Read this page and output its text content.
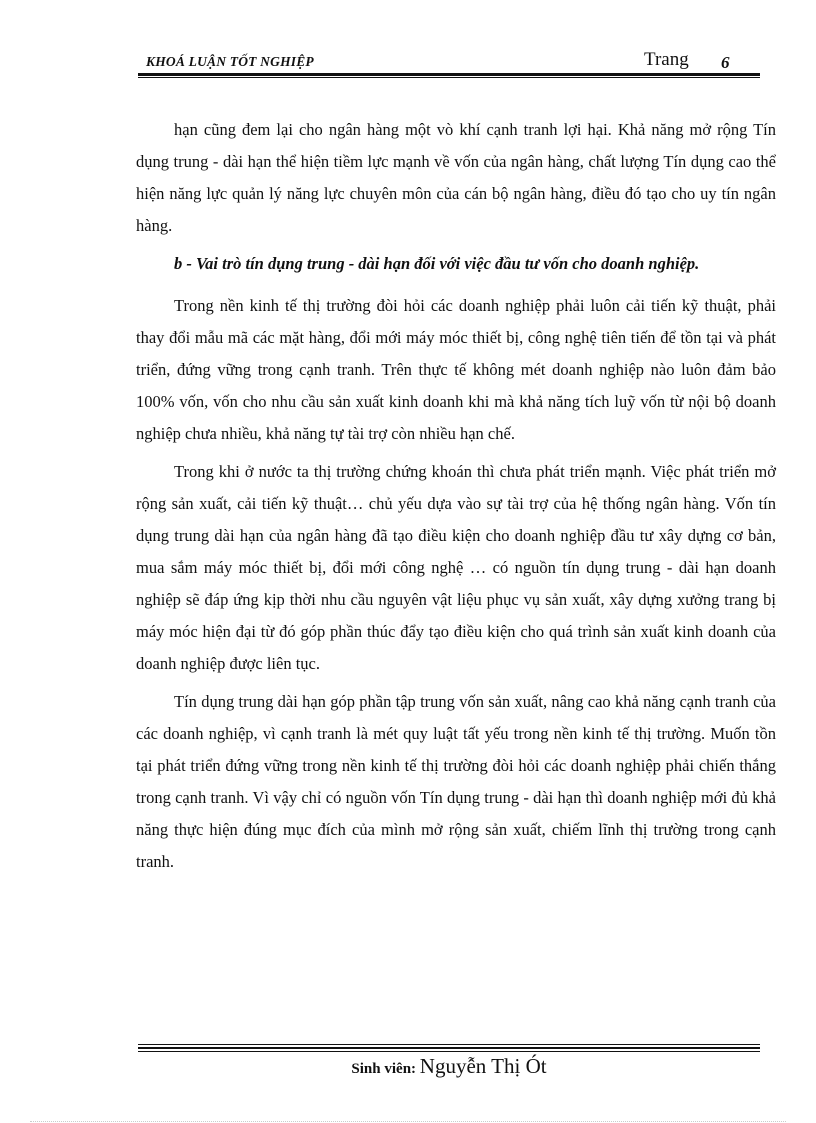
KHOÁ LUẬN TỐT NGHIỆP	Trang 6

hạn cũng đem lại cho ngân hàng một vò khí cạnh tranh lợi hại. Khả năng mở rộng Tín dụng trung - dài hạn thể hiện tiềm lực mạnh về vốn của ngân hàng, chất lượng Tín dụng cao thể hiện năng lực quản lý năng lực chuyên môn của cán bộ ngân hàng, điều đó tạo cho uy tín ngân hàng.

b - Vai trò tín dụng trung - dài hạn đối với việc đầu tư vốn cho doanh nghiệp.

Trong nền kinh tế thị trường đòi hỏi các doanh nghiệp phải luôn cải tiến kỹ thuật, phải thay đổi mẫu mã các mặt hàng, đổi mới máy móc thiết bị, công nghệ tiên tiến để tồn tại và phát triển, đứng vững trong cạnh tranh. Trên thực tế không mét doanh nghiệp nào luôn đảm bảo 100% vốn, vốn cho nhu cầu sản xuất kinh doanh khi mà khả năng tích luỹ vốn từ nội bộ doanh nghiệp chưa nhiều, khả năng tự tài trợ còn nhiều hạn chế.

Trong khi ở nước ta thị trường chứng khoán thì chưa phát triển mạnh. Việc phát triển mở rộng sản xuất, cải tiến kỹ thuật… chủ yếu dựa vào sự tài trợ của hệ thống ngân hàng. Vốn tín dụng trung dài hạn của ngân hàng đã tạo điều kiện cho doanh nghiệp đầu tư xây dựng cơ bản, mua sắm máy móc thiết bị, đổi mới công nghệ … có nguồn tín dụng trung - dài hạn doanh nghiệp sẽ đáp ứng kịp thời nhu cầu nguyên vật liệu phục vụ sản xuất, xây dựng xưởng trang bị máy móc hiện đại từ đó góp phần thúc đẩy tạo điều kiện cho quá trình sản xuất kinh doanh của doanh nghiệp được liên tục.

Tín dụng trung dài hạn góp phần tập trung vốn sản xuất, nâng cao khả năng cạnh tranh của các doanh nghiệp, vì cạnh tranh là mét quy luật tất yếu trong nền kinh tế thị trường. Muốn tồn tại phát triển đứng vững trong nền kinh tế thị trường đòi hỏi các doanh nghiệp phải chiến thắng trong cạnh tranh. Vì vậy chỉ có nguồn vốn Tín dụng trung - dài hạn thì doanh nghiệp mới đủ khả năng thực hiện đúng mục đích của mình mở rộng sản xuất, chiếm lĩnh thị trường trong cạnh tranh.

Sinh viên: Nguyễn Thị Ót
